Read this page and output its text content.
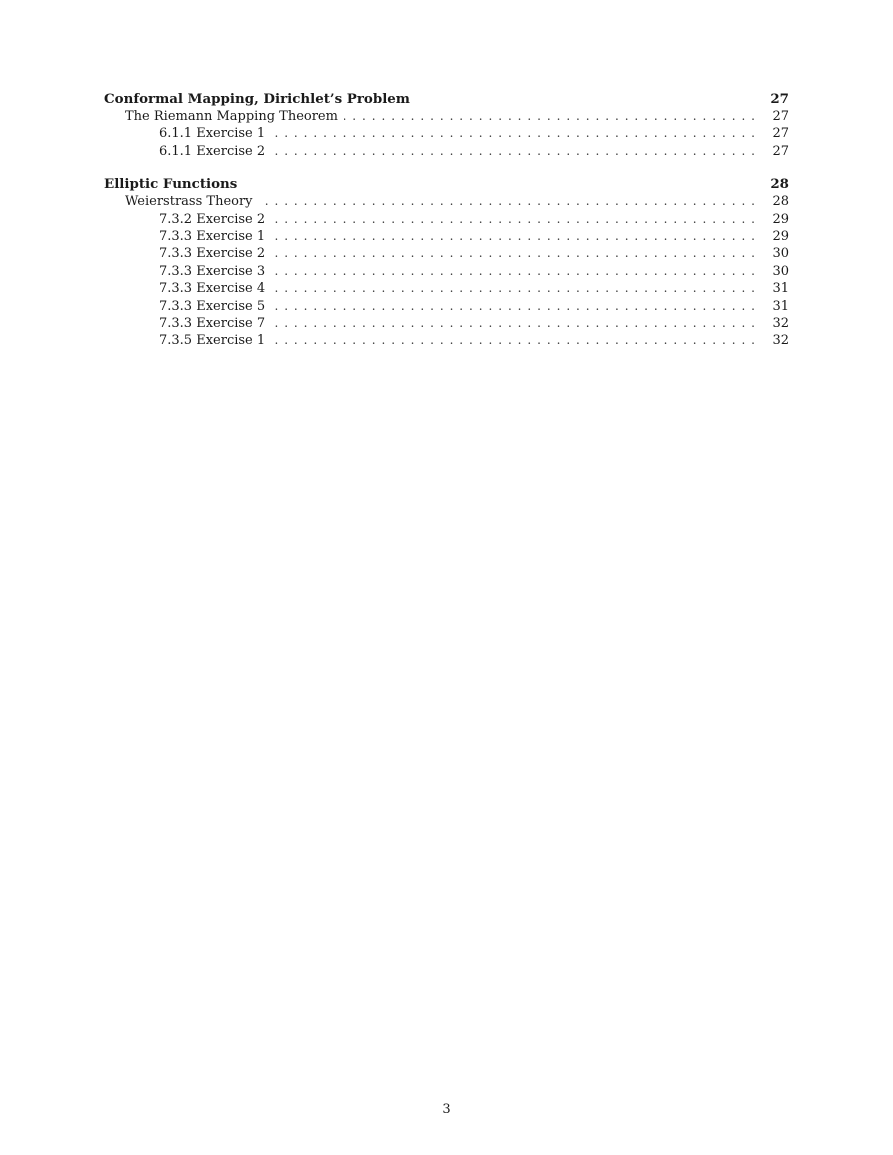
Conformal Mapping, Dirichlet’s Problem	27
The Riemann Mapping Theorem . . .	27
6.1.1 Exercise 1 . . .	27
6.1.1 Exercise 2 . . .	27
Elliptic Functions	28
Weierstrass Theory . . .	28
7.3.2 Exercise 2 . . .	29
7.3.3 Exercise 1 . . .	29
7.3.3 Exercise 2 . . .	30
7.3.3 Exercise 3 . . .	30
7.3.3 Exercise 4 . . .	31
7.3.3 Exercise 5 . . .	31
7.3.3 Exercise 7 . . .	32
7.3.5 Exercise 1 . . .	32
3
